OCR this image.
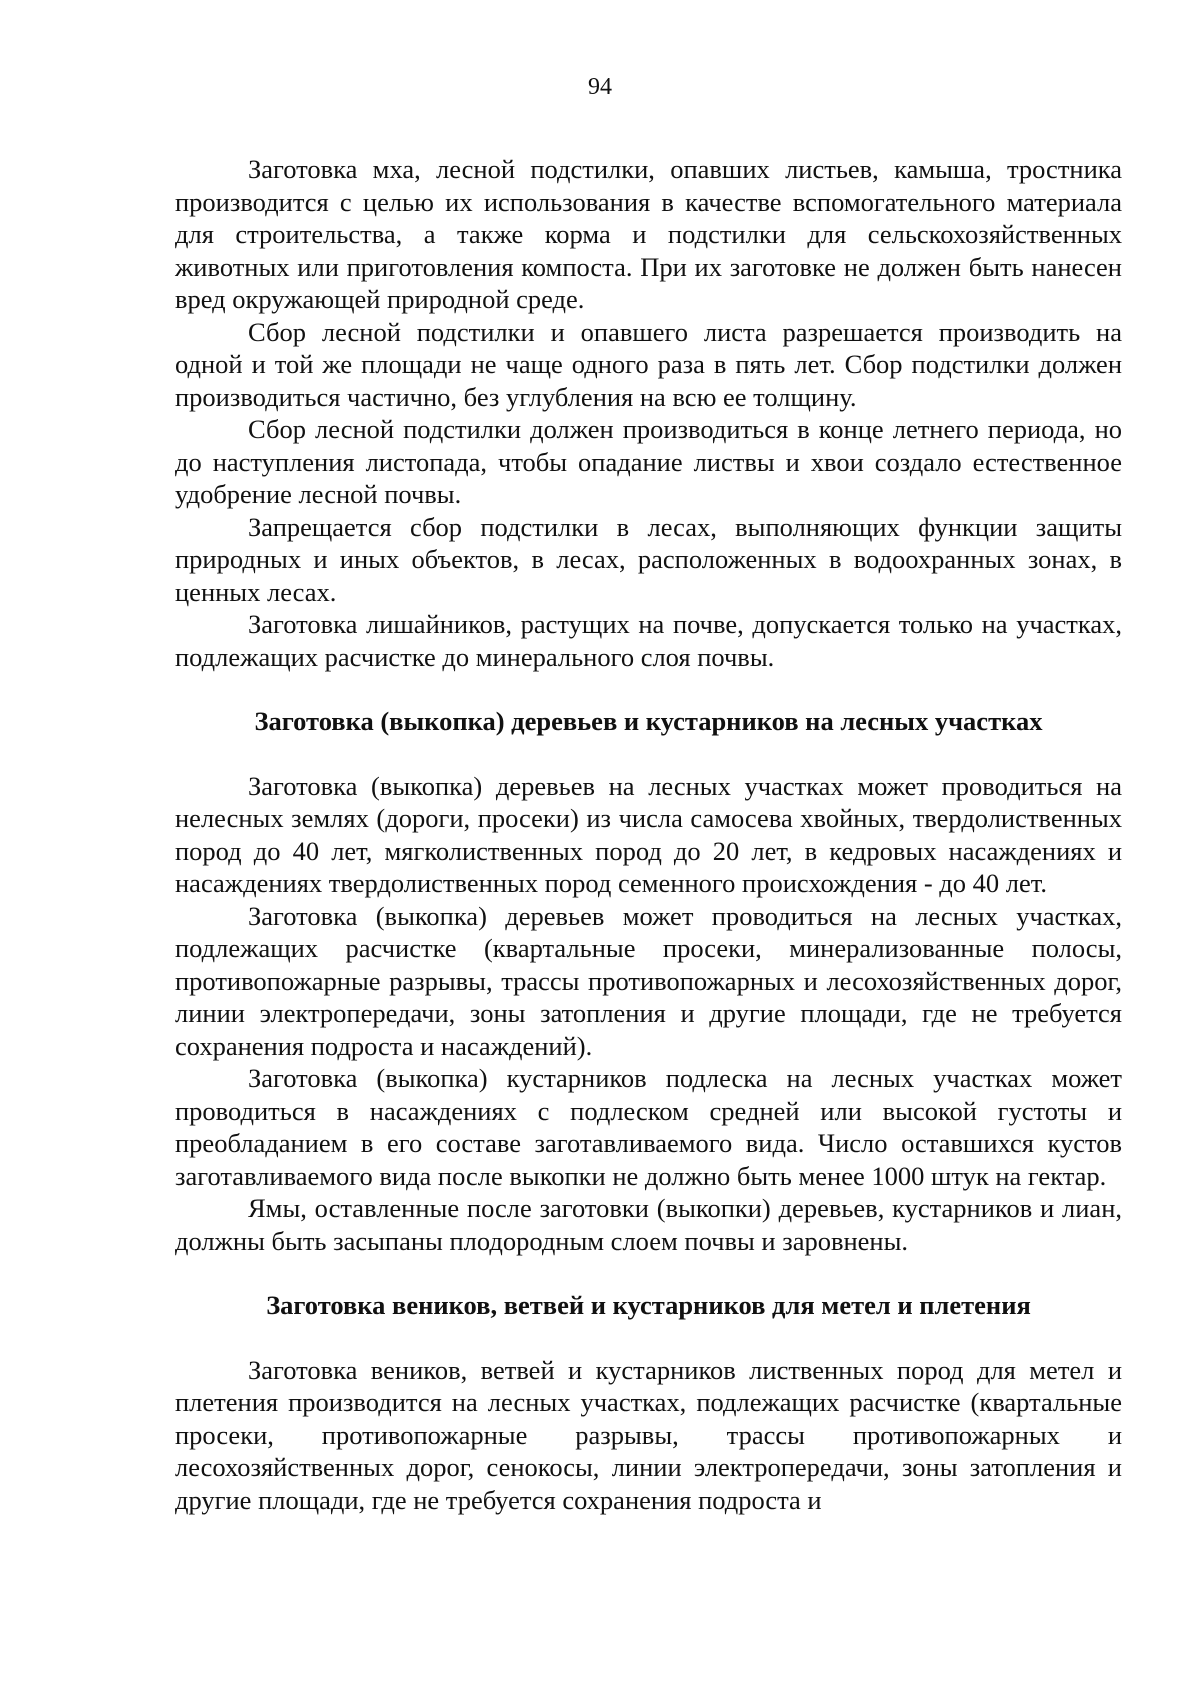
94

Заготовка мха, лесной подстилки, опавших листьев, камыша, тростника производится с целью их использования в качестве вспомогательного материала для строительства, а также корма и подстилки для сельскохозяйственных животных или приготовления компоста. При их заготовке не должен быть нанесен вред окружающей природной среде.

Сбор лесной подстилки и опавшего листа разрешается производить на одной и той же площади не чаще одного раза в пять лет. Сбор подстилки должен производиться частично, без углубления на всю ее толщину.

Сбор лесной подстилки должен производиться в конце летнего периода, но до наступления листопада, чтобы опадание листвы и хвои создало естественное удобрение лесной почвы.

Запрещается сбор подстилки в лесах, выполняющих функции защиты природных и иных объектов, в лесах, расположенных в водоохранных зонах, в ценных лесах.

Заготовка лишайников, растущих на почве, допускается только на участках, подлежащих расчистке до минерального слоя почвы.

Заготовка (выкопка) деревьев и кустарников на лесных участках

Заготовка (выкопка) деревьев на лесных участках может проводиться на нелесных землях (дороги, просеки) из числа самосева хвойных, твердолиственных пород до 40 лет, мягколиственных пород до 20 лет, в кедровых насаждениях и насаждениях твердолиственных пород семенного происхождения - до 40 лет.

Заготовка (выкопка) деревьев может проводиться на лесных участках, подлежащих расчистке (квартальные просеки, минерализованные полосы, противопожарные разрывы, трассы противопожарных и лесохозяйственных дорог, линии электропередачи, зоны затопления и другие площади, где не требуется сохранения подроста и насаждений).

Заготовка (выкопка) кустарников подлеска на лесных участках может проводиться в насаждениях с подлеском средней или высокой густоты и преобладанием в его составе заготавливаемого вида. Число оставшихся кустов заготавливаемого вида после выкопки не должно быть менее 1000 штук на гектар.

Ямы, оставленные после заготовки (выкопки) деревьев, кустарников и лиан, должны быть засыпаны плодородным слоем почвы и заровнены.

Заготовка веников, ветвей и кустарников для метел и плетения

Заготовка веников, ветвей и кустарников лиственных пород для метел и плетения производится на лесных участках, подлежащих расчистке (квартальные просеки, противопожарные разрывы, трассы противопожарных и лесохозяйственных дорог, сенокосы, линии электропередачи, зоны затопления и другие площади, где не требуется сохранения подроста и
